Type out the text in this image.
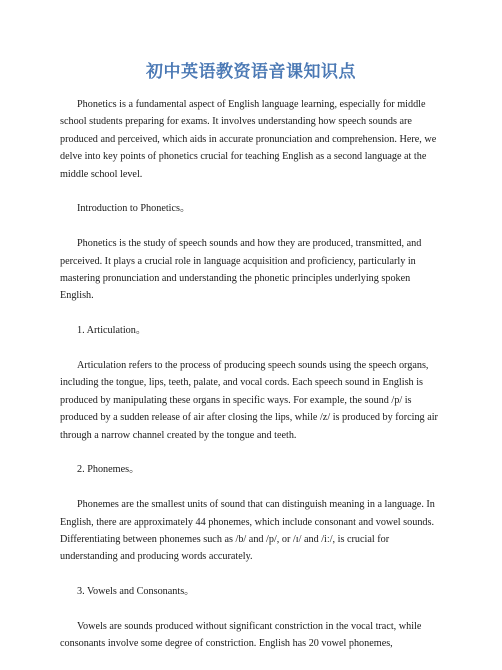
初中英语教资语音课知识点

Phonetics is a fundamental aspect of English language learning, especially for middle school students preparing for exams. It involves understanding how speech sounds are produced and perceived, which aids in accurate pronunciation and comprehension. Here, we delve into key points of phonetics crucial for teaching English as a second language at the middle school level.

Introduction to Phonetics。

Phonetics is the study of speech sounds and how they are produced, transmitted, and perceived. It plays a crucial role in language acquisition and proficiency, particularly in mastering pronunciation and understanding the phonetic principles underlying spoken English.

1. Articulation。

Articulation refers to the process of producing speech sounds using the speech organs, including the tongue, lips, teeth, palate, and vocal cords. Each speech sound in English is produced by manipulating these organs in specific ways. For example, the sound /p/ is produced by a sudden release of air after closing the lips, while /z/ is produced by forcing air through a narrow channel created by the tongue and teeth.

2. Phonemes。

Phonemes are the smallest units of sound that can distinguish meaning in a language. In English, there are approximately 44 phonemes, which include consonant and vowel sounds. Differentiating between phonemes such as /b/ and /p/, or /ɪ/ and /iː/, is crucial for understanding and producing words accurately.

3. Vowels and Consonants。

Vowels are sounds produced without significant constriction in the vocal tract, while consonants involve some degree of constriction. English has 20 vowel phonemes,
